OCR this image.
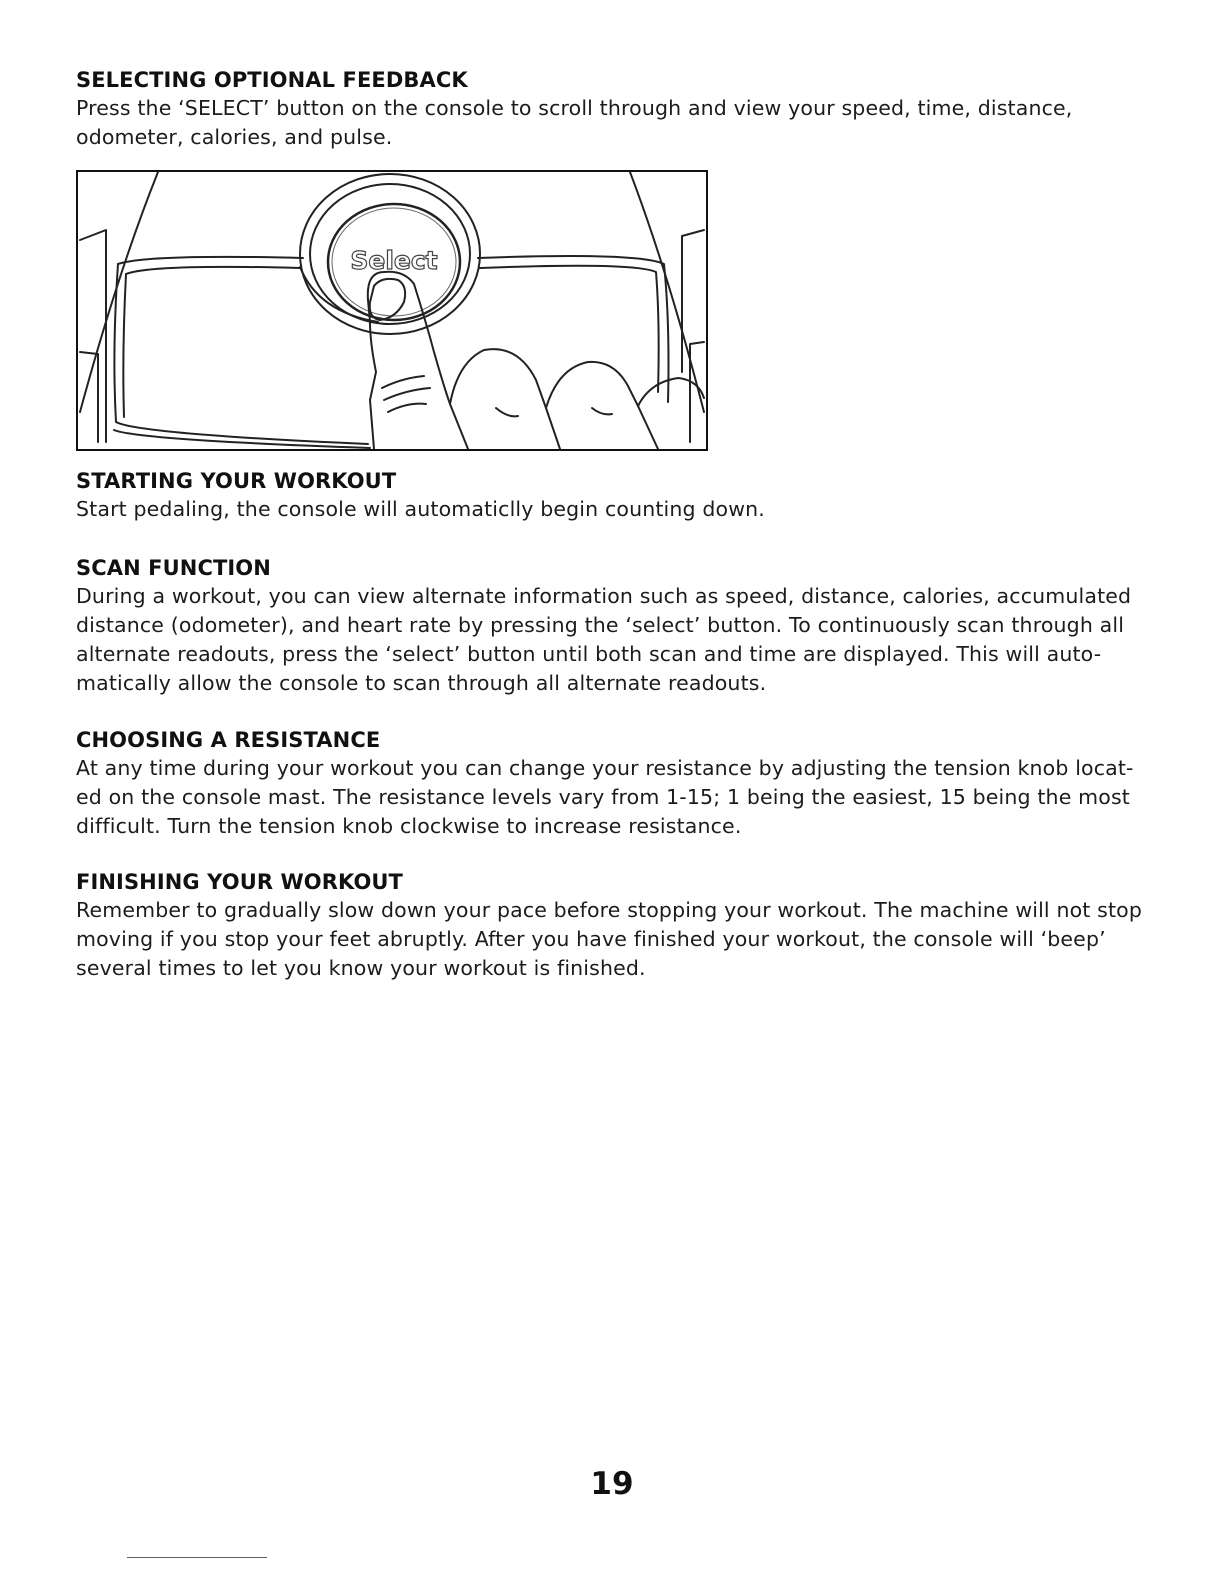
SELECTING OPTIONAL FEEDBACK

Press the ‘SELECT’ button on the console to scroll through and view your speed, time, distance,

odometer, calories, and pulse.

Select
STARTING YOUR WORKOUT

Start pedaling, the console will automaticlly begin counting down.

SCAN FUNCTION

During a workout, you can view alternate information such as speed, distance, calories, accumulated

distance (odometer), and heart rate by pressing the ‘select’ button. To continuously scan through all

alternate readouts, press the ‘select’ button until both scan and time are displayed. This will auto-

matically allow the console to scan through all alternate readouts.

CHOOSING A RESISTANCE

At any time during your workout you can change your resistance by adjusting the tension knob locat-

ed on the console mast. The resistance levels vary from 1-15; 1 being the easiest, 15 being the most

difficult. Turn the tension knob clockwise to increase resistance.

FINISHING YOUR WORKOUT

Remember to gradually slow down your pace before stopping your workout. The machine will not stop

moving if you stop your feet abruptly. After you have finished your workout, the console will ‘beep’

several times to let you know your workout is finished.

19
